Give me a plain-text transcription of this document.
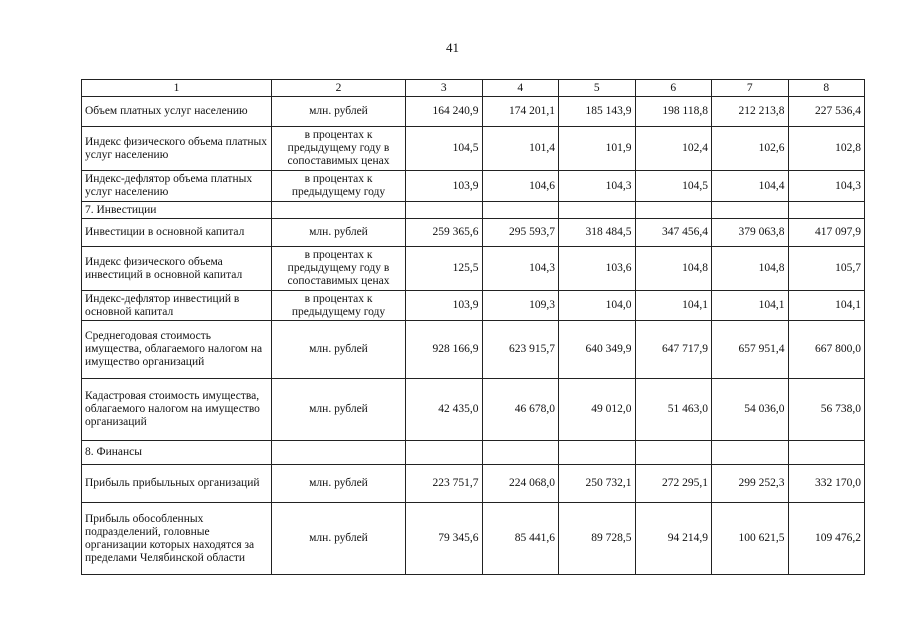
41
1	2	3	4	5	6	7	8
Объем платных услуг населению	млн. рублей	164 240,9	174 201,1	185 143,9	198 118,8	212 213,8	227 536,4
Индекс физического объема платных услуг населению	в процентах к предыдущему году в сопоставимых ценах	104,5	101,4	101,9	102,4	102,6	102,8
Индекс-дефлятор объема платных услуг населению	в процентах к предыдущему году	103,9	104,6	104,3	104,5	104,4	104,3
7. Инвестиции							
Инвестиции в основной капитал	млн. рублей	259 365,6	295 593,7	318 484,5	347 456,4	379 063,8	417 097,9
Индекс физического объема инвестиций в основной капитал	в процентах к предыдущему году в сопоставимых ценах	125,5	104,3	103,6	104,8	104,8	105,7
Индекс-дефлятор инвестиций в основной капитал	в процентах к предыдущему году	103,9	109,3	104,0	104,1	104,1	104,1
Среднегодовая стоимость имущества, облагаемого налогом на имущество организаций	млн. рублей	928 166,9	623 915,7	640 349,9	647 717,9	657 951,4	667 800,0
Кадастровая стоимость имущества, облагаемого налогом на имущество организаций	млн. рублей	42 435,0	46 678,0	49 012,0	51 463,0	54 036,0	56 738,0
8. Финансы							
Прибыль прибыльных организаций	млн. рублей	223 751,7	224 068,0	250 732,1	272 295,1	299 252,3	332 170,0
Прибыль обособленных подразделений, головные организации которых находятся за пределами Челябинской области	млн. рублей	79 345,6	85 441,6	89 728,5	94 214,9	100 621,5	109 476,2
